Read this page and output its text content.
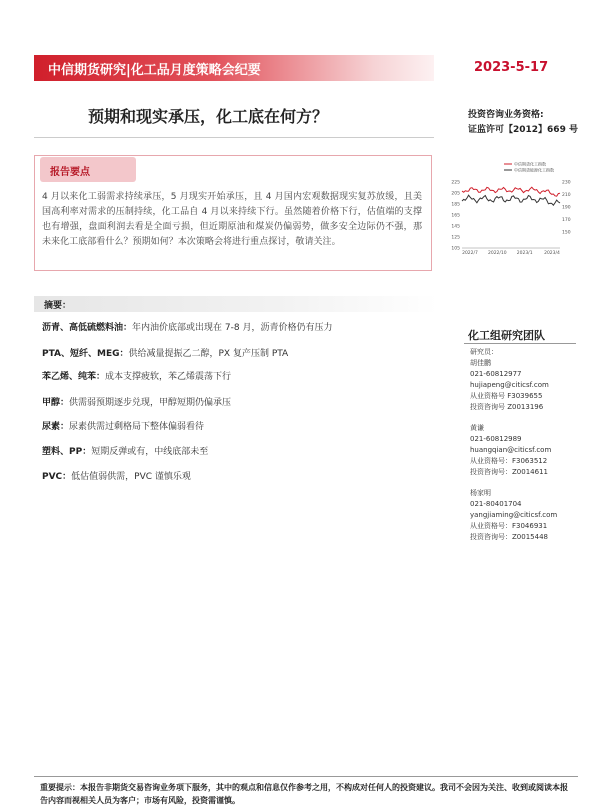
中信期货研究|化工品月度策略会纪要	2023-5-17
预期和现实承压，化工底在何方？	投资咨询业务资格:
证监许可【2012】669 号
报告要点
4 月以来化工弱需求持续承压，5 月现实开始承压，且 4 月国内宏观数据现实复苏放缓，且美国高利率对需求的压制持续，化工品自 4 月以来持续下行。虽然随着价格下行，估值端的支撑也有增强，盘面利润去看是全面亏损，但近期原油和煤炭仍偏弱势，做多安全边际仍不强，那未来化工底部看什么？预期如何？本次策略会将进行重点探讨，敬请关注。
中信期货化工指数
中信期货能源化工指数
225
205
185
165
145
125
105
230
210
190
170
150
2022/7 2022/10 2023/1	2023/4
摘要：
沥青、高低硫燃料油：年内油价底部或出现在 7-8 月，沥青价格仍有压力
PTA、短纤、MEG：供给减量提振乙二醇，PX 复产压制 PTA
苯乙烯、纯苯：成本支撑疲软，苯乙烯震荡下行
甲醇：供需弱预期逐步兑现，甲醇短期仍偏承压
尿素：尿素供需过剩格局下整体偏弱看待
塑料、PP：短期反弹或有，中线底部未至
PVC：低估值弱供需，PVC 谨慎乐观
化工组研究团队
研究员：
胡佳鹏
021-60812977
hujiapeng@citicsf.com
从业资格号 F3039655
投资咨询号 Z0013196
黄谦
021-60812989
huangqian@citicsf.com
从业资格号：F3063512
投资咨询号：Z0014611
杨家明
021-80401704
yangjiaming@citicsf.com
从业资格号：F3046931
投资咨询号：Z0015448
重要提示：本报告非期货交易咨询业务项下服务，其中的观点和信息仅作参考之用，不构成对任何人的投资建议。我司不会因为关注、收到或阅读本报告内容而视相关人员为客户；市场有风险，投资需谨慎。
